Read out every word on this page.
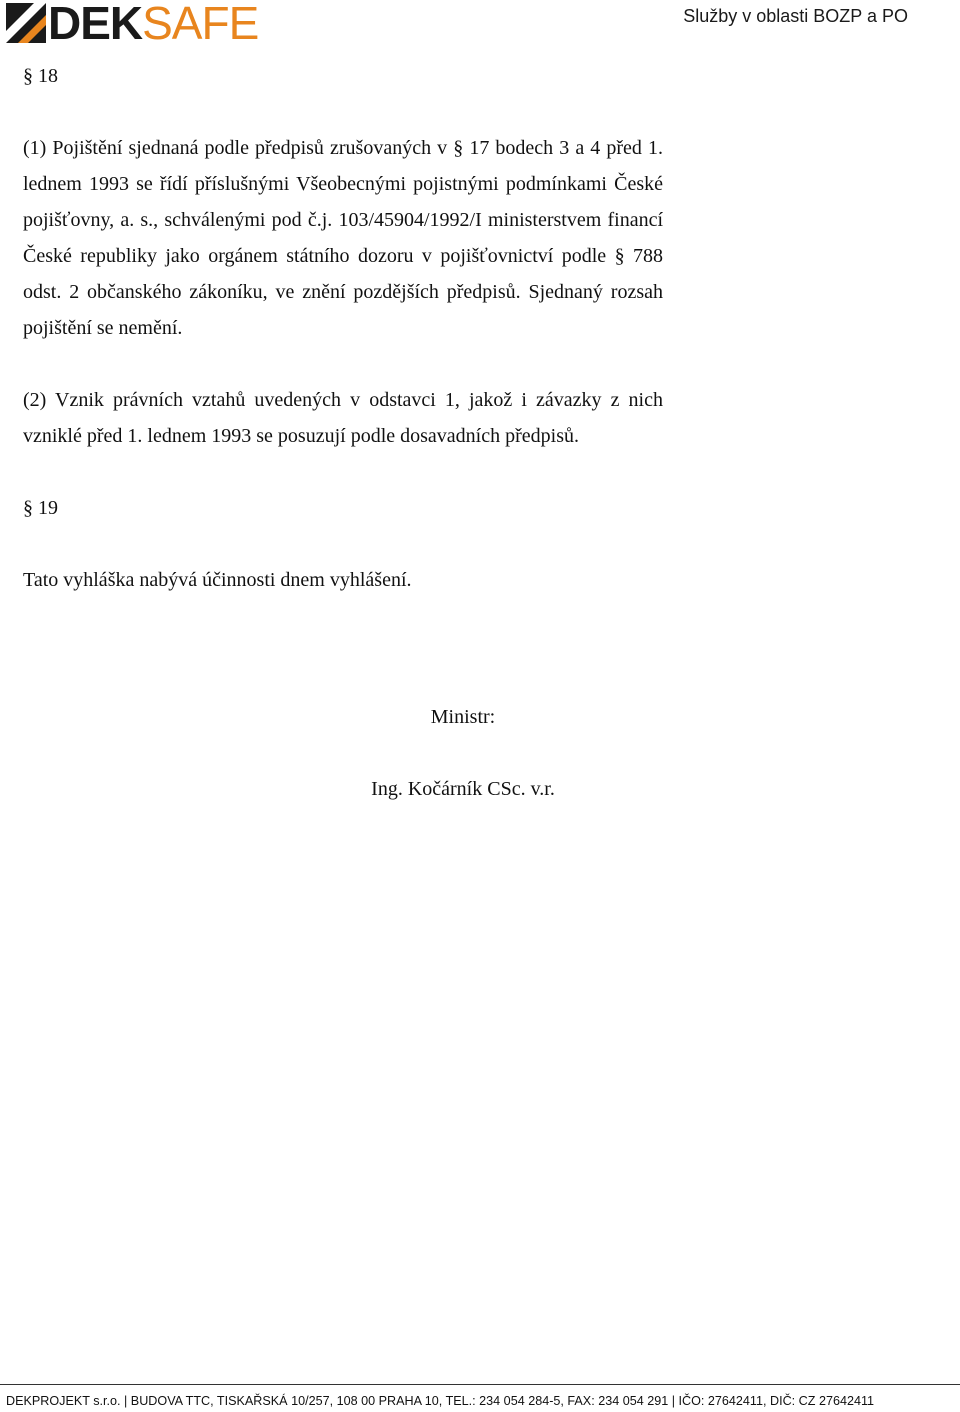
DEK SAFE	Služby v oblasti BOZP a PO

§ 18

(1) Pojištění sjednaná podle předpisů zrušovaných v § 17 bodech 3 a 4 před 1. lednem 1993 se řídí příslušnými Všeobecnými pojistnými podmínkami České pojišťovny, a. s., schválenými pod č.j. 103/45904/1992/I ministerstvem financí České republiky jako orgánem státního dozoru v pojišťovnictví podle § 788 odst. 2 občanského zákoníku, ve znění pozdějších předpisů. Sjednaný rozsah pojištění se nemění.

(2) Vznik právních vztahů uvedených v odstavci 1, jakož i závazky z nich vzniklé před 1. lednem 1993 se posuzují podle dosavadních předpisů.

§ 19

Tato vyhláška nabývá účinnosti dnem vyhlášení.

Ministr:
Ing. Kočárník CSc. v.r.
DEKPROJEKT s.r.o. | BUDOVA TTC, TISKAŘSKÁ 10/257, 108 00 PRAHA 10, TEL.: 234 054 284-5, FAX: 234 054 291 | IČO: 27642411, DIČ: CZ 27642411
